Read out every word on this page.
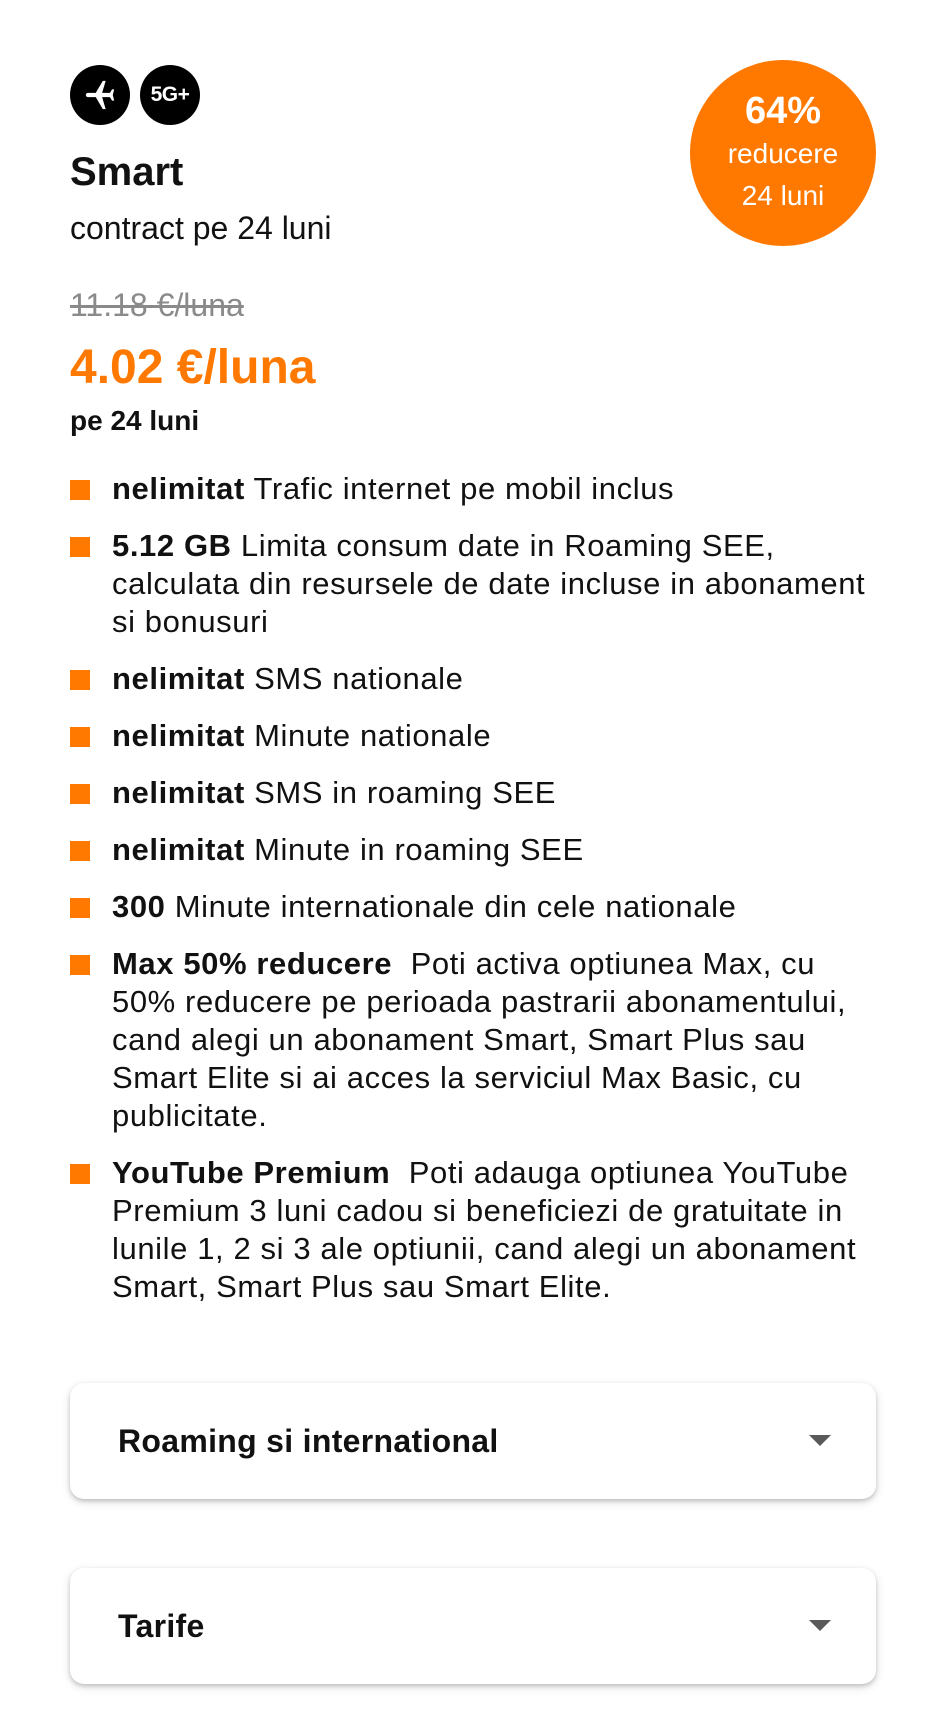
5G+	64%
reducere
24 luni
Smart
contract pe 24 luni
11.18 €/luna
4.02 €/luna
pe 24 luni
nelimitat Trafic internet pe mobil inclus
5.12 GB Limita consum date in Roaming SEE, calculata din resursele de date incluse in abonament si bonusuri
nelimitat SMS nationale
nelimitat Minute nationale
nelimitat SMS in roaming SEE
nelimitat Minute in roaming SEE
300 Minute internationale din cele nationale
Max 50% reducere  Poti activa optiunea Max, cu 50% reducere pe perioada pastrarii abonamentului, cand alegi un abonament Smart, Smart Plus sau Smart Elite si ai acces la serviciul Max Basic, cu publicitate.
YouTube Premium  Poti adauga optiunea YouTube Premium 3 luni cadou si beneficiezi de gratuitate in lunile 1, 2 si 3 ale optiunii, cand alegi un abonament Smart, Smart Plus sau Smart Elite.
Roaming si international
Tarife
